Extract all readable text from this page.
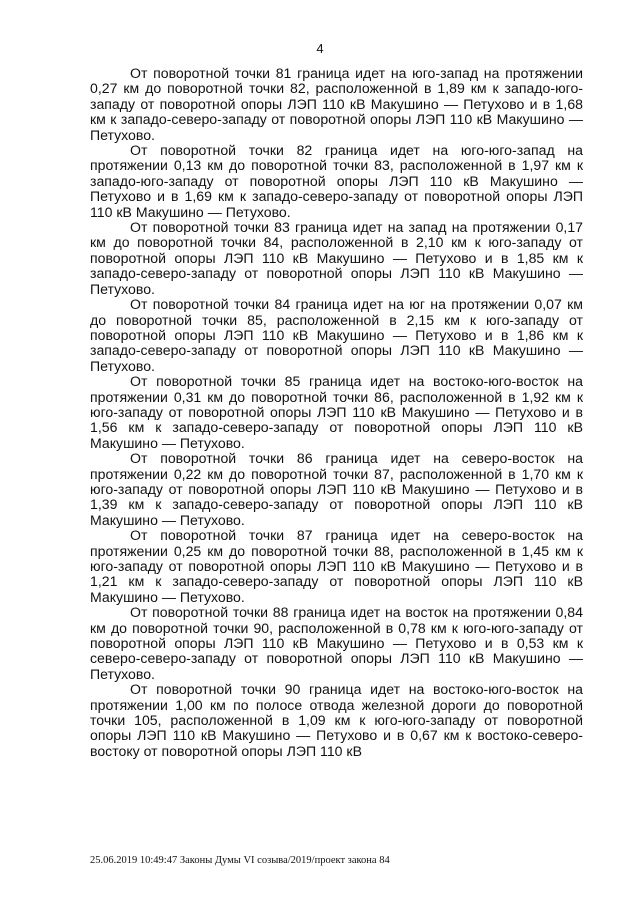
4

От поворотной точки 81 граница идет на юго-запад на протяжении 0,27 км до поворотной точки 82, расположенной в 1,89 км к западо-юго-западу от поворотной опоры ЛЭП 110 кВ Макушино — Петухово и в 1,68 км к западо-северо-западу от поворотной опоры ЛЭП 110 кВ Макушино — Петухово.

От поворотной точки 82 граница идет на юго-юго-запад на протяжении 0,13 км до поворотной точки 83, расположенной в 1,97 км к западо-юго-западу от поворотной опоры ЛЭП 110 кВ Макушино — Петухово и в 1,69 км к западо-северо-западу от поворотной опоры ЛЭП 110 кВ Макушино — Петухово.

От поворотной точки 83 граница идет на запад на протяжении 0,17 км до поворотной точки 84, расположенной в 2,10 км к юго-западу от поворотной опоры ЛЭП 110 кВ Макушино — Петухово и в 1,85 км к западо-северо-западу от поворотной опоры ЛЭП 110 кВ Макушино — Петухово.

От поворотной точки 84 граница идет на юг на протяжении 0,07 км до поворотной точки 85, расположенной в 2,15 км к юго-западу от поворотной опоры ЛЭП 110 кВ Макушино — Петухово и в 1,86 км к западо-северо-западу от поворотной опоры ЛЭП 110 кВ Макушино — Петухово.

От поворотной точки 85 граница идет на востоко-юго-восток на протяжении 0,31 км до поворотной точки 86, расположенной в 1,92 км к юго-западу от поворотной опоры ЛЭП 110 кВ Макушино — Петухово и в 1,56 км к западо-северо-западу от поворотной опоры ЛЭП 110 кВ Макушино — Петухово.

От поворотной точки 86 граница идет на северо-восток на протяжении 0,22 км до поворотной точки 87, расположенной в 1,70 км к юго-западу от поворотной опоры ЛЭП 110 кВ Макушино — Петухово и в 1,39 км к западо-северо-западу от поворотной опоры ЛЭП 110 кВ Макушино — Петухово.

От поворотной точки 87 граница идет на северо-восток на протяжении 0,25 км до поворотной точки 88, расположенной в 1,45 км к юго-западу от поворотной опоры ЛЭП 110 кВ Макушино — Петухово и в 1,21 км к западо-северо-западу от поворотной опоры ЛЭП 110 кВ Макушино — Петухово.

От поворотной точки 88 граница идет на восток на протяжении 0,84 км до поворотной точки 90, расположенной в 0,78 км к юго-юго-западу от поворотной опоры ЛЭП 110 кВ Макушино — Петухово и в 0,53 км к северо-северо-западу от поворотной опоры ЛЭП 110 кВ Макушино — Петухово.

От поворотной точки 90 граница идет на востоко-юго-восток на протяжении 1,00 км по полосе отвода железной дороги до поворотной точки 105, расположенной в 1,09 км к юго-юго-западу от поворотной опоры ЛЭП 110 кВ Макушино — Петухово и в 0,67 км к востоко-северо-востоку от поворотной опоры ЛЭП 110 кВ

25.06.2019 10:49:47 Законы Думы VI созыва/2019/проект закона 84
